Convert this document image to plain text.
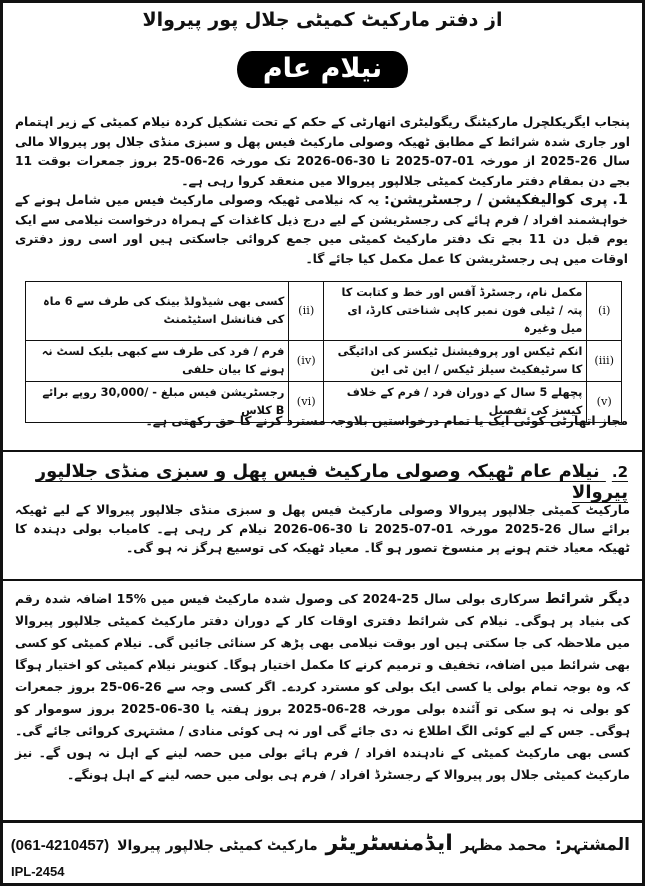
از دفتر مارکیٹ کمیٹی جلال پور پیروالا
نیلام عام
پنجاب ایگریکلچرل مارکیٹنگ ریگولیٹری اتھارٹی کے حکم کے تحت تشکیل کردہ نیلام کمیٹی کے زیر اہتمام اور جاری شدہ شرائط کے مطابق ٹھیکہ وصولی مارکیٹ فیس پھل و سبزی منڈی جلال پور پیروالا مالی سال 26-2025 از مورخہ 01-07-2025 تا 30-06-2026 تک مورخہ 26-06-25 بروز جمعرات بوقت 11 بجے دن بمقام دفتر مارکیٹ کمیٹی جلالپور پیروالا میں منعقد کروا رہی ہے۔
1. پری کوالیفکیشن / رجسٹریشن: یہ کہ نیلامی ٹھیکہ وصولی مارکیٹ فیس میں شامل ہونے کے خواہشمند افراد / فرم ہائے کی رجسٹریشن کے لیے درج ذیل کاغذات کے ہمراہ درخواست نیلامی سے ایک یوم قبل دن 11 بجے تک دفتر مارکیٹ کمیٹی میں جمع کروائی جاسکتی ہیں اور اسی روز دفتری اوقات میں ہی رجسٹریشن کا عمل مکمل کیا جائے گا۔
(i)	مکمل نام، رجسٹرڈ آفس اور خط و کتابت کا پتہ / ٹیلی فون نمبر کاپی شناختی کارڈ، ای میل وغیرہ	(ii)	کسی بھی شیڈولڈ بینک کی طرف سے 6 ماہ کی فنانشل اسٹیٹمنٹ
(iii)	انکم ٹیکس اور پروفیشنل ٹیکسز کی ادائیگی کا سرٹیفکیٹ سیلز ٹیکس / این ٹی این	(iv)	فرم / فرد کی طرف سے کبھی بلیک لسٹ نہ ہونے کا بیان حلفی
(v)	پچھلے 5 سال کے دوران فرد / فرم کے خلاف کیسز کی تفصیل	(vi)	رجسٹریشن فیس مبلغ - /30,000 روپے برائے B کلاس
مجاز اتھارٹی کوئی ایک یا تمام درخواستیں بلاوجہ مسترد کرنے کا حق رکھتی ہے۔
2. نیلام عام ٹھیکہ وصولی مارکیٹ فیس پھل و سبزی منڈی جلالپور پیروالا
مارکیٹ کمیٹی جلالپور پیروالا وصولی مارکیٹ فیس پھل و سبزی منڈی جلالپور پیروالا کے لیے ٹھیکہ برائے سال 26-2025 مورخہ 01-07-2025 تا 30-06-2026 نیلام کر رہی ہے۔ کامیاب بولی دہندہ کا ٹھیکہ معیاد ختم ہونے پر منسوخ تصور ہو گا۔ معیاد ٹھیکہ کی توسیع ہرگز نہ ہو گی۔
دیگر شرائط سرکاری بولی سال 25-2024 کی وصول شدہ مارکیٹ فیس میں %15 اضافہ شدہ رقم کی بنیاد پر ہوگی۔ نیلام کی شرائط دفتری اوقات کار کے دوران دفتر مارکیٹ کمیٹی جلالپور پیروالا میں ملاحظہ کی جا سکتی ہیں اور بوقت نیلامی بھی پڑھ کر سنائی جائیں گی۔ نیلام کمیٹی کو کسی بھی شرائط میں اضافہ، تخفیف و ترمیم کرنے کا مکمل اختیار ہوگا۔ کنوینر نیلام کمیٹی کو اختیار ہوگا کہ وہ بوجہ تمام بولی یا کسی ایک بولی کو مسترد کردے۔ اگر کسی وجہ سے 26-06-25 بروز جمعرات کو بولی نہ ہو سکی تو آئندہ بولی مورخہ 28-06-2025 بروز ہفتہ یا 30-06-2025 بروز سوموار کو ہوگی۔ جس کے لیے کوئی الگ اطلاع نہ دی جائے گی اور نہ ہی کوئی منادی / مشتہری کروائی جائے گی۔ کسی بھی مارکیٹ کمیٹی کے نادہندہ افراد / فرم ہائے بولی میں حصہ لینے کے اہل نہ ہوں گے۔ نیز مارکیٹ کمیٹی جلال پور پیروالا کے رجسٹرڈ افراد / فرم ہی بولی میں حصہ لینے کے اہل ہونگے۔
المشتہر:
محمد مظہر
ایڈمنسٹریٹر
مارکیٹ کمیٹی جلالپور پیروالا
(061-4210457)
IPL-2454
